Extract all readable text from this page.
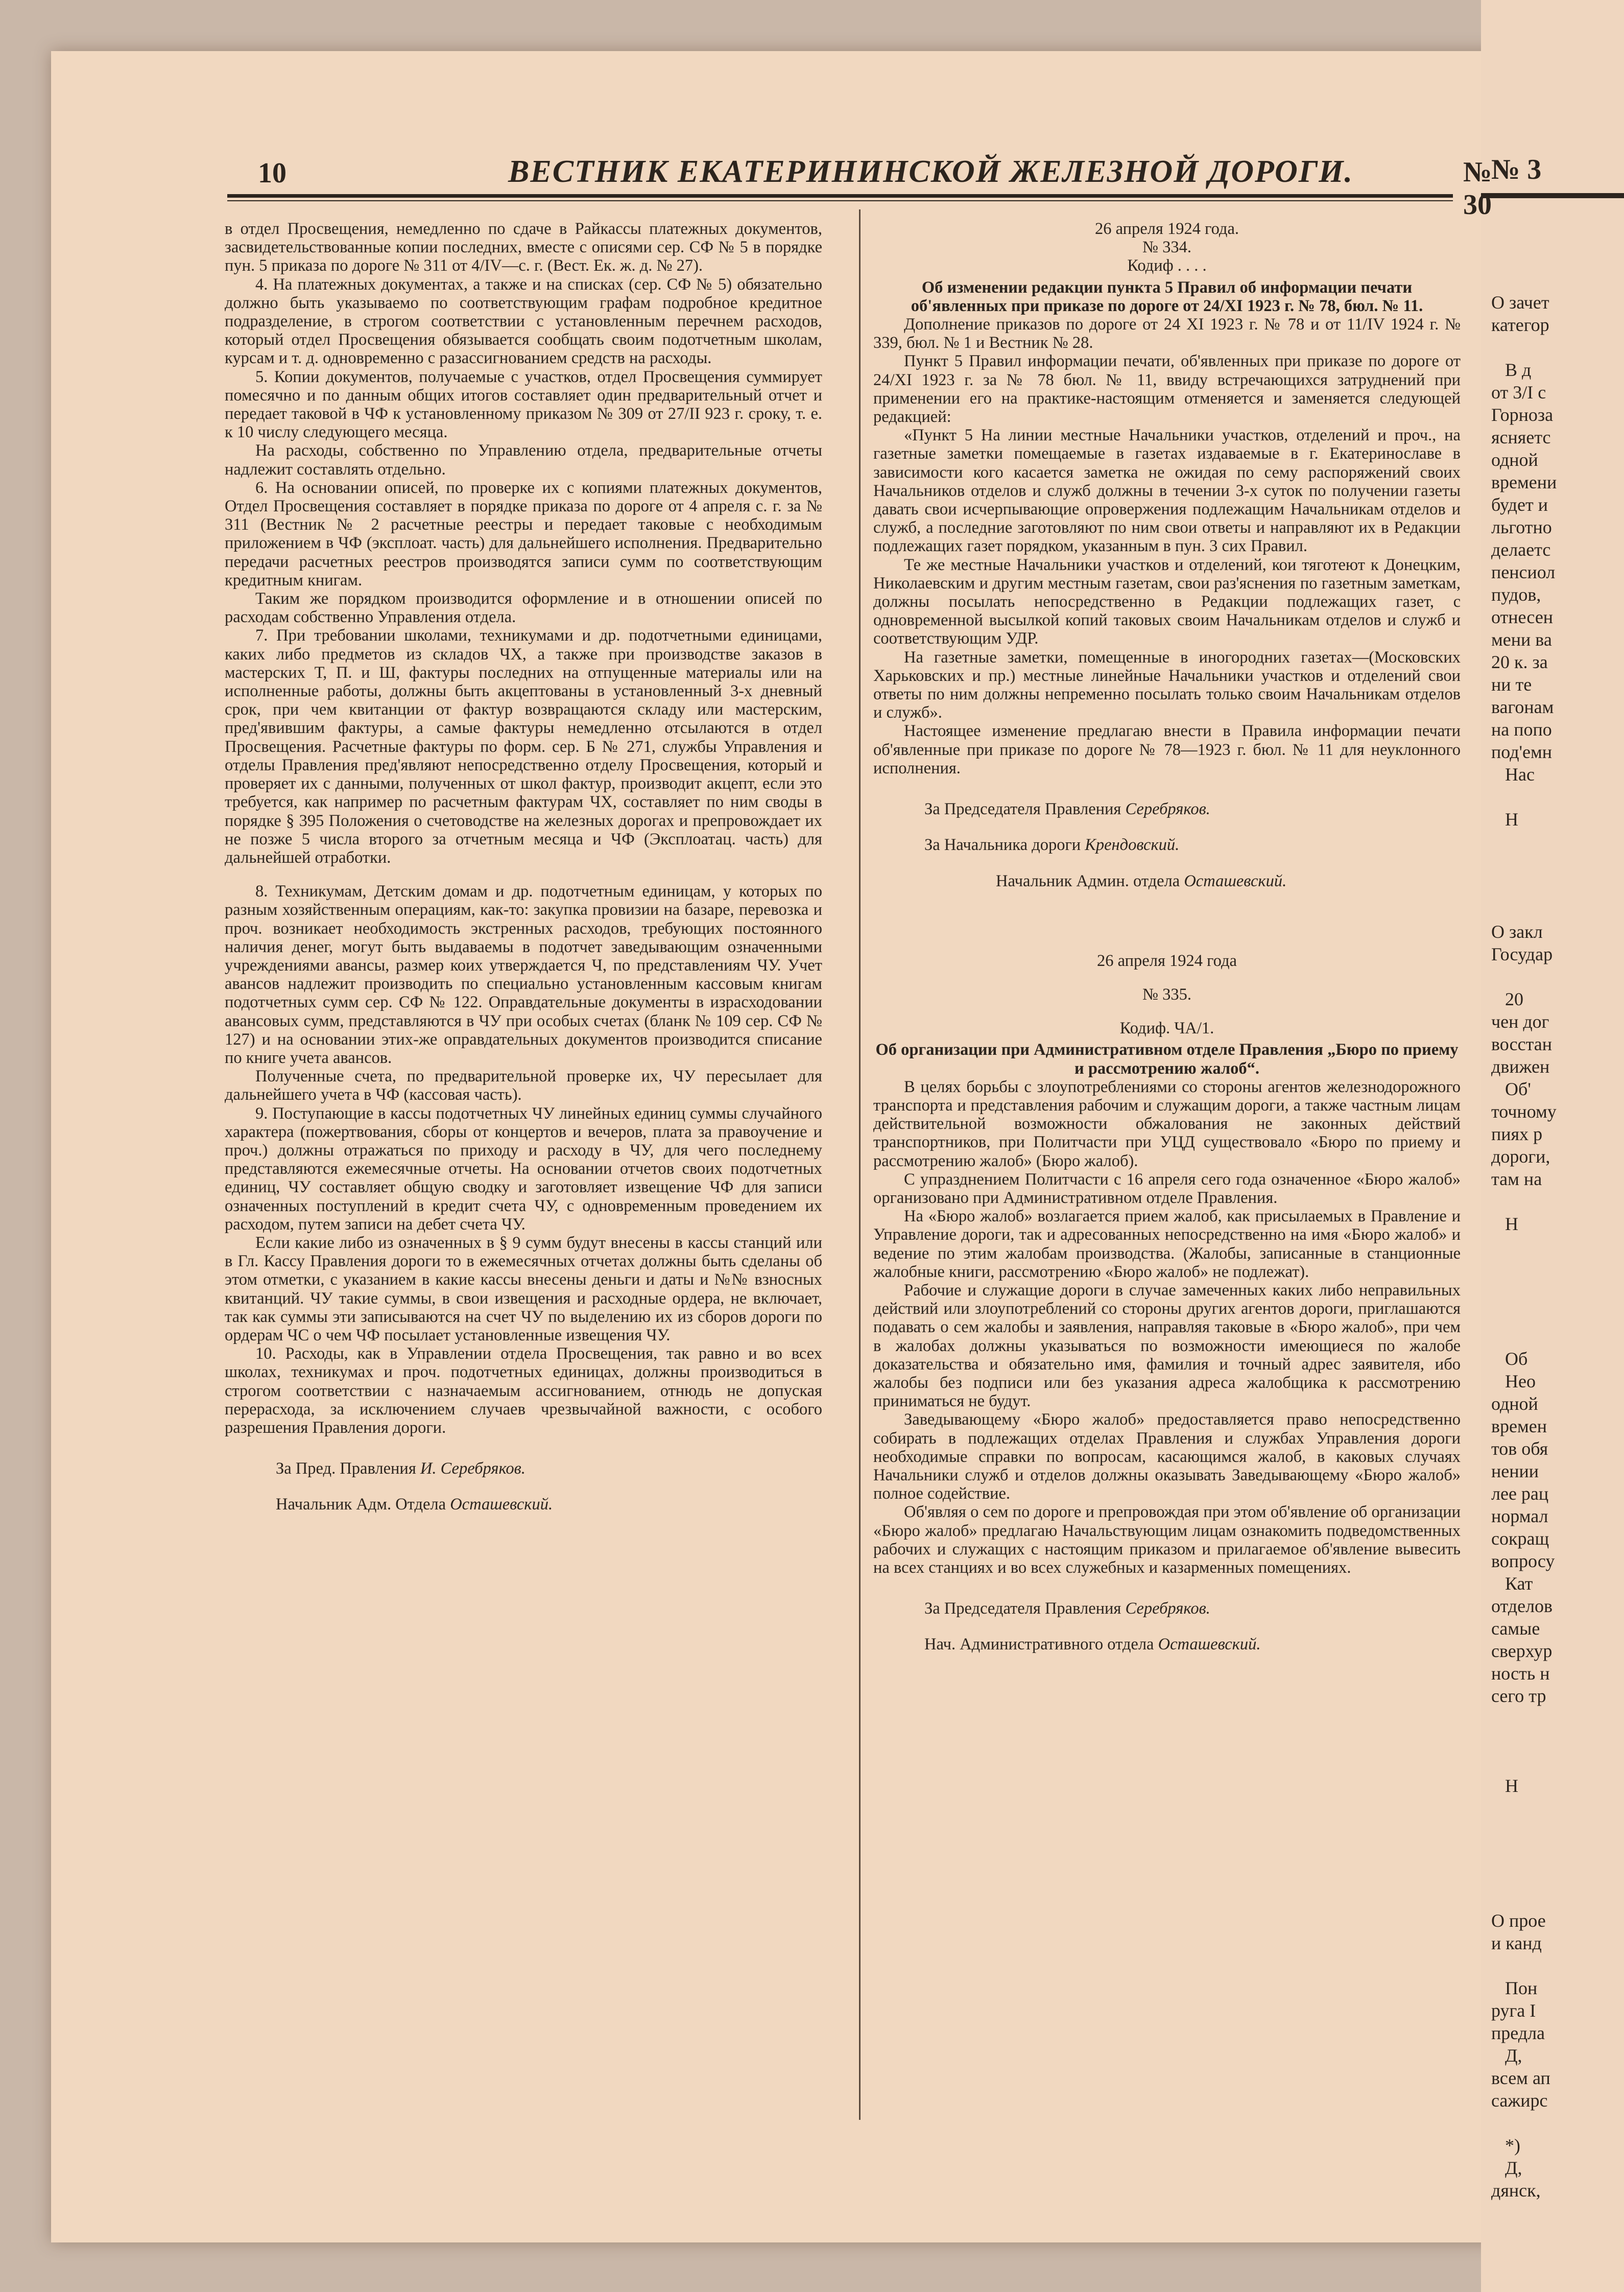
№ 3
О зачет
категор

В д
от 3/I с
Горноза
ясняетс
одной
времени
будет и
льготно
делаетс
пенсиол
пудов,
отнесен
мени ва
20 к. за
ни те
вагонам
на попо
под'емн
Нас

Н

О закл
Государ

20
чен дог
восстан
движен
Об'
точному
пиях р
дороги,
там на

Н

Об
Нео
одной
времен
тов обя
нении
лее рац
нормал
сокращ
вопросу
Кат
отделов
самые
сверхур
ность н
сего тр

Н

О прое
и канд

Пон
руга I
предла
Д,
всем ап
сажирс

*)
Д,
дянск,
10	ВЕСТНИК ЕКАТЕРИНИНСКОЙ ЖЕЛЕЗНОЙ ДОРОГИ.	№ 30

в отдел Просвещения, немедленно по сдаче в Райкассы платежных документов, засвидетельствованные копии последних, вместе с описями сер. СФ № 5 в порядке пун. 5 приказа по дороге № 311 от 4/IV—с. г. (Вест. Ек. ж. д. № 27).

4. На платежных документах, а также и на списках (сер. СФ № 5) обязательно должно быть указываемо по соответствующим графам подробное кредитное подразделение, в строгом соответствии с установленным перечнем расходов, который отдел Просвещения обязывается сообщать своим подотчетным школам, курсам и т. д. одновременно с разассигнованием средств на расходы.

5. Копии документов, получаемые с участков, отдел Просвещения суммирует помесячно и по данным общих итогов составляет один предварительный отчет и передает таковой в ЧФ к установленному приказом № 309 от 27/II 923 г. сроку, т. е. к 10 числу следующего месяца.

На расходы, собственно по Управлению отдела, предварительные отчеты надлежит составлять отдельно.

6. На основании описей, по проверке их с копиями платежных документов, Отдел Просвещения составляет в порядке приказа по дороге от 4 апреля с. г. за № 311 (Вестник № 2 расчетные реестры и передает таковые с необходимым приложением в ЧФ (эксплоат. часть) для дальнейшего исполнения. Предварительно передачи расчетных реестров производятся записи сумм по соответствующим кредитным книгам.

Таким же порядком производится оформление и в отношении описей по расходам собственно Управления отдела.

7. При требовании школами, техникумами и др. подотчетными единицами, каких либо предметов из складов ЧХ, а также при производстве заказов в мастерских Т, П. и Ш, фактуры последних на отпущенные материалы или на исполненные работы, должны быть акцептованы в установленный 3-х дневный срок, при чем квитанции от фактур возвращаются складу или мастерским, пред'явившим фактуры, а самые фактуры немедленно отсылаются в отдел Просвещения. Расчетные фактуры по форм. сер. Б № 271, службы Управления и отделы Правления пред'являют непосредственно отделу Просвещения, который и проверяет их с данными, полученных от школ фактур, производит акцепт, если это требуется, как например по расчетным фактурам ЧХ, составляет по ним своды в порядке § 395 Положения о счетоводстве на железных дорогах и препровождает их не позже 5 числа второго за отчетным месяца и ЧФ (Эксплоатац. часть) для дальнейшей отработки.

8. Техникумам, Детским домам и др. подотчетным единицам, у которых по разным хозяйственным операциям, как-то: закупка провизии на базаре, перевозка и проч. возникает необходимость экстренных расходов, требующих постоянного наличия денег, могут быть выдаваемы в подотчет заведывающим означенными учреждениями авансы, размер коих утверждается Ч, по представлениям ЧУ. Учет авансов надлежит производить по специально установленным кассовым книгам подотчетных сумм сер. СФ № 122. Оправдательные документы в израсходовании авансовых сумм, представляются в ЧУ при особых счетах (бланк № 109 сер. СФ № 127) и на основании этих-же оправдательных документов производится списание по книге учета авансов.

Полученные счета, по предварительной проверке их, ЧУ пересылает для дальнейшего учета в ЧФ (кассовая часть).

9. Поступающие в кассы подотчетных ЧУ линейных единиц суммы случайного характера (пожертвования, сборы от концертов и вечеров, плата за правоучение и проч.) должны отражаться по приходу и расходу в ЧУ, для чего последнему представляются ежемесячные отчеты. На основании отчетов своих подотчетных единиц, ЧУ составляет общую сводку и заготовляет извещение ЧФ для записи означенных поступлений в кредит счета ЧУ, с одновременным проведением их расходом, путем записи на дебет счета ЧУ.

Если какие либо из означенных в § 9 сумм будут внесены в кассы станций или в Гл. Кассу Правления дороги то в ежемесячных отчетах должны быть сделаны об этом отметки, с указанием в какие кассы внесены деньги и даты и №№ взносных квитанций. ЧУ такие суммы, в свои извещения и расходные ордера, не включает, так как суммы эти записываются на счет ЧУ по выделению их из сборов дороги по ордерам ЧС о чем ЧФ посылает установленные извещения ЧУ.

10. Расходы, как в Управлении отдела Просвещения, так равно и во всех школах, техникумах и проч. подотчетных единицах, должны производиться в строгом соответствии с назначаемым ассигнованием, отнюдь не допуская перерасхода, за исключением случаев чрезвычайной важности, с особого разрешения Правления дороги.

За Пред. Правления И. Серебряков.

Начальник Адм. Отдела Осташевский.

26 апреля 1924 года.

№ 334.

Кодиф . . . .

Об изменении редакции пункта 5 Правил об информации печати об'явленных при приказе по дороге от 24/XI 1923 г. № 78, бюл. № 11.

Дополнение приказов по дороге от 24 XI 1923 г. № 78 и от 11/IV 1924 г. № 339, бюл. № 1 и Вестник № 28.

Пункт 5 Правил информации печати, об'явленных при приказе по дороге от 24/XI 1923 г. за № 78 бюл. № 11, ввиду встречающихся затруднений при применении его на практике-настоящим отменяется и заменяется следующей редакцией:

«Пункт 5 На линии местные Начальники участков, отделений и проч., на газетные заметки помещаемые в газетах издаваемые в г. Екатеринославе в зависимости кого касается заметка не ожидая по сему распоряжений своих Начальников отделов и служб должны в течении 3-х суток по получении газеты давать свои исчерпывающие опровержения подлежащим Начальникам отделов и служб, а последние заготовляют по ним свои ответы и направляют их в Редакции подлежащих газет порядком, указанным в пун. 3 сих Правил.

Те же местные Начальники участков и отделений, кои тяготеют к Донецким, Николаевским и другим местным газетам, свои раз'яснения по газетным заметкам, должны посылать непосредственно в Редакции подлежащих газет, с одновременной высылкой копий таковых своим Начальникам отделов и служб и соответствующим УДР.

На газетные заметки, помещенные в иногородних газетах—(Московских Харьковских и пр.) местные линейные Начальники участков и отделений свои ответы по ним должны непременно посылать только своим Начальникам отделов и служб».

Настоящее изменение предлагаю внести в Правила информации печати об'явленные при приказе по дороге № 78—1923 г. бюл. № 11 для неуклонного исполнения.

За Председателя Правления Серебряков.

За Начальника дороги Крендовский.

Начальник Админ. отдела Осташевский.

26 апреля 1924 года

№ 335.

Кодиф. ЧА/1.

Об организации при Административном отделе Правления „Бюро по приему и рассмотрению жалоб“.

В целях борьбы с злоупотреблениями со стороны агентов железнодорожного транспорта и представления рабочим и служащим дороги, а также частным лицам действительной возможности обжалования не законных действий транспортников, при Политчасти при УЦД существовало «Бюро по приему и рассмотрению жалоб» (Бюро жалоб).

С упразднением Политчасти с 16 апреля сего года означенное «Бюро жалоб» организовано при Административном отделе Правления.

На «Бюро жалоб» возлагается прием жалоб, как присылаемых в Правление и Управление дороги, так и адресованных непосредственно на имя «Бюро жалоб» и ведение по этим жалобам производства. (Жалобы, записанные в станционные жалобные книги, рассмотрению «Бюро жалоб» не подлежат).

Рабочие и служащие дороги в случае замеченных каких либо неправильных действий или злоупотреблений со стороны других агентов дороги, приглашаются подавать о сем жалобы и заявления, направляя таковые в «Бюро жалоб», при чем в жалобах должны указываться по возможности имеющиеся по жалобе доказательства и обязательно имя, фамилия и точный адрес заявителя, ибо жалобы без подписи или без указания адреса жалобщика к рассмотрению приниматься не будут.

Заведывающему «Бюро жалоб» предоставляется право непосредственно собирать в подлежащих отделах Правления и службах Управления дороги необходимые справки по вопросам, касающимся жалоб, в каковых случаях Начальники служб и отделов должны оказывать Заведывающему «Бюро жалоб» полное содействие.

Об'являя о сем по дороге и препровождая при этом об'явление об организации «Бюро жалоб» предлагаю Начальствующим лицам ознакомить подведомственных рабочих и служащих с настоящим приказом и прилагаемое об'явление вывесить на всех станциях и во всех служебных и казарменных помещениях.

За Председателя Правления Серебряков.

Нач. Административного отдела Осташевский.
